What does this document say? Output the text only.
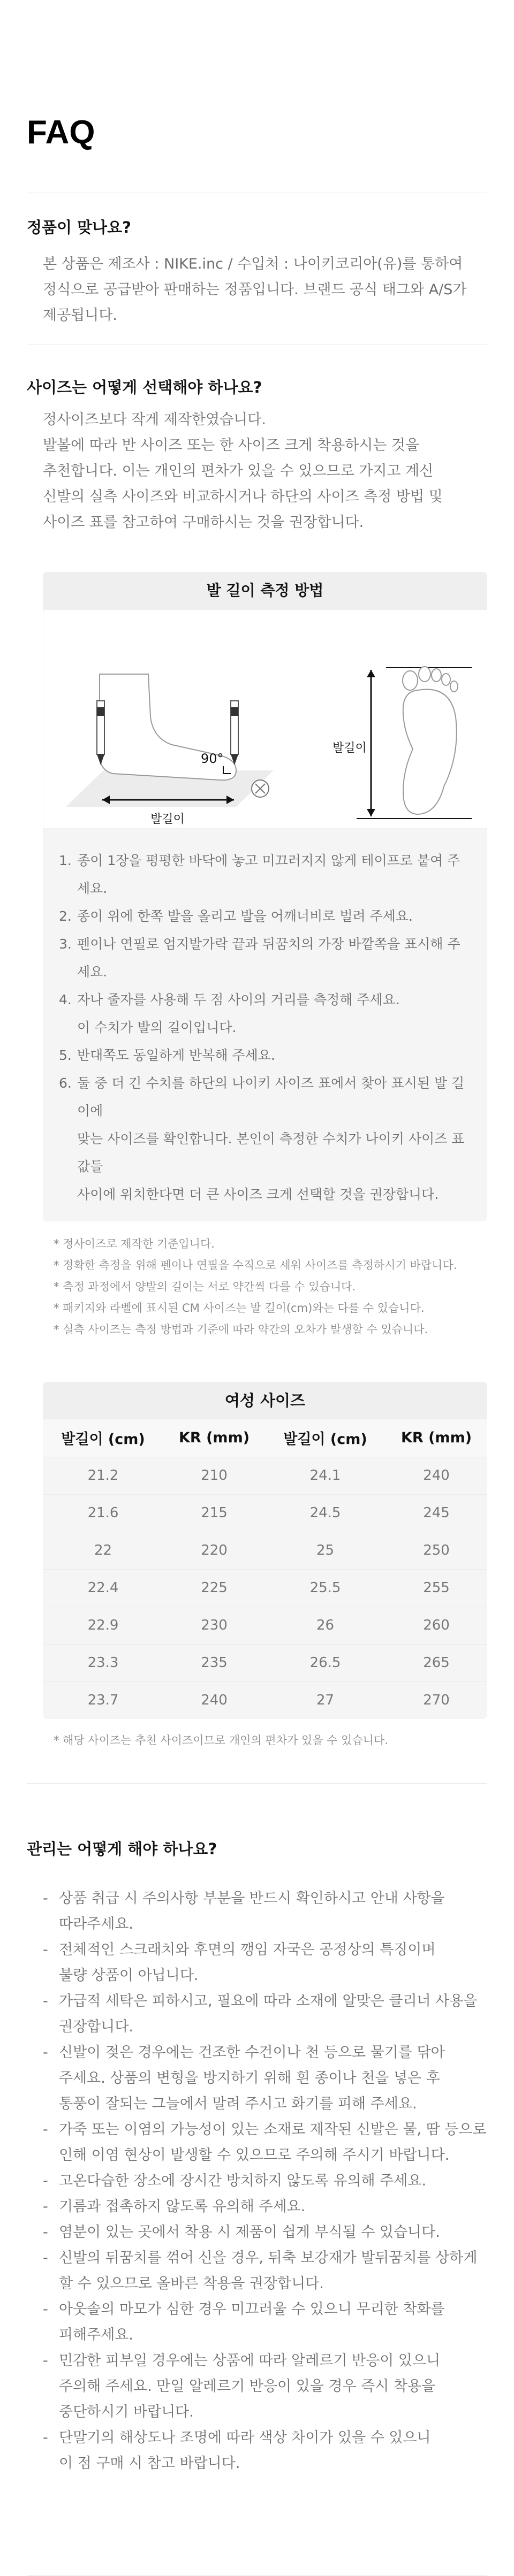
FAQ
정품이 맞나요?
본 상품은 제조사 : NIKE.inc / 수입처 : 나이키코리아(유)를 통하여
정식으로 공급받아 판매하는 정품입니다. 브랜드 공식 태그와 A/S가
제공됩니다.
사이즈는 어떻게 선택해야 하나요?
정사이즈보다 작게 제작한였습니다.
발볼에 따라 반 사이즈 또는 한 사이즈 크게 착용하시는 것을
추천합니다. 이는 개인의 편차가 있을 수 있으므로 가지고 계신
신발의 실측 사이즈와 비교하시거나 하단의 사이즈 측정 방법 및
사이즈 표를 참고하여 구매하시는 것을 권장합니다.
발 길이 측정 방법
90°
발길이
발길이
1. 종이 1장을 평평한 바닥에 놓고 미끄러지지 않게 테이프로 붙여 주세요.
2. 종이 위에 한쪽 발을 올리고 발을 어깨너비로 벌려 주세요.
3. 펜이나 연필로 엄지발가락 끝과 뒤꿈치의 가장 바깥쪽을 표시해 주세요.
4. 자나 줄자를 사용해 두 점 사이의 거리를 측정해 주세요.
이 수치가 발의 길이입니다.
5. 반대쪽도 동일하게 반복해 주세요.
6. 둘 중 더 긴 수치를 하단의 나이키 사이즈 표에서 찾아 표시된 발 길이에
맞는 사이즈를 확인합니다. 본인이 측정한 수치가 나이키 사이즈 표 값들
사이에 위치한다면 더 큰 사이즈 크게 선택할 것을 권장합니다.
* 정사이즈로 제작한 기준입니다.
* 정확한 측정을 위해 펜이나 연필을 수직으로 세워 사이즈를 측정하시기 바랍니다.
* 측정 과정에서 양발의 길이는 서로 약간씩 다를 수 있습니다.
* 패키지와 라벨에 표시된 CM 사이즈는 발 길이(cm)와는 다를 수 있습니다.
* 실측 사이즈는 측정 방법과 기준에 따라 약간의 오차가 발생할 수 있습니다.
여성 사이즈
발길이 (cm)	KR (mm)	발길이 (cm)	KR (mm)
21.2	210	24.1	240
21.6	215	24.5	245
22	220	25	250
22.4	225	25.5	255
22.9	230	26	260
23.3	235	26.5	265
23.7	240	27	270
* 해당 사이즈는 추천 사이즈이므로 개인의 편차가 있을 수 있습니다.
관리는 어떻게 해야 하나요?
- 상품 취급 시 주의사항 부분을 반드시 확인하시고 안내 사항을
따라주세요.
- 전체적인 스크래치와 후면의 깽임 자국은 공정상의 특징이며
불량 상품이 아닙니다.
- 가급적 세탁은 피하시고, 필요에 따라 소재에 알맞은 클리너 사용을
권장합니다.
- 신발이 젖은 경우에는 건조한 수건이나 천 등으로 물기를 닦아
주세요. 상품의 변형을 방지하기 위해 흰 종이나 천을 넣은 후
통풍이 잘되는 그늘에서 말려 주시고 화기를 피해 주세요.
- 가죽 또는 이염의 가능성이 있는 소재로 제작된 신발은 물, 땀 등으로
인해 이염 현상이 발생할 수 있으므로 주의해 주시기 바랍니다.
- 고온다습한 장소에 장시간 방치하지 않도록 유의해 주세요.
- 기름과 접촉하지 않도록 유의해 주세요.
- 염분이 있는 곳에서 착용 시 제품이 쉽게 부식될 수 있습니다.
- 신발의 뒤꿈치를 꺾어 신을 경우, 뒤축 보강재가 발뒤꿈치를 상하게
할 수 있으므로 올바른 착용을 권장합니다.
- 아웃솔의 마모가 심한 경우 미끄러울 수 있으니 무리한 착화를
피해주세요.
- 민감한 피부일 경우에는 상품에 따라 알레르기 반응이 있으니
주의해 주세요. 만일 알레르기 반응이 있을 경우 즉시 착용을
중단하시기 바랍니다.
- 단말기의 해상도나 조명에 따라 색상 차이가 있을 수 있으니
이 점 구매 시 참고 바랍니다.
